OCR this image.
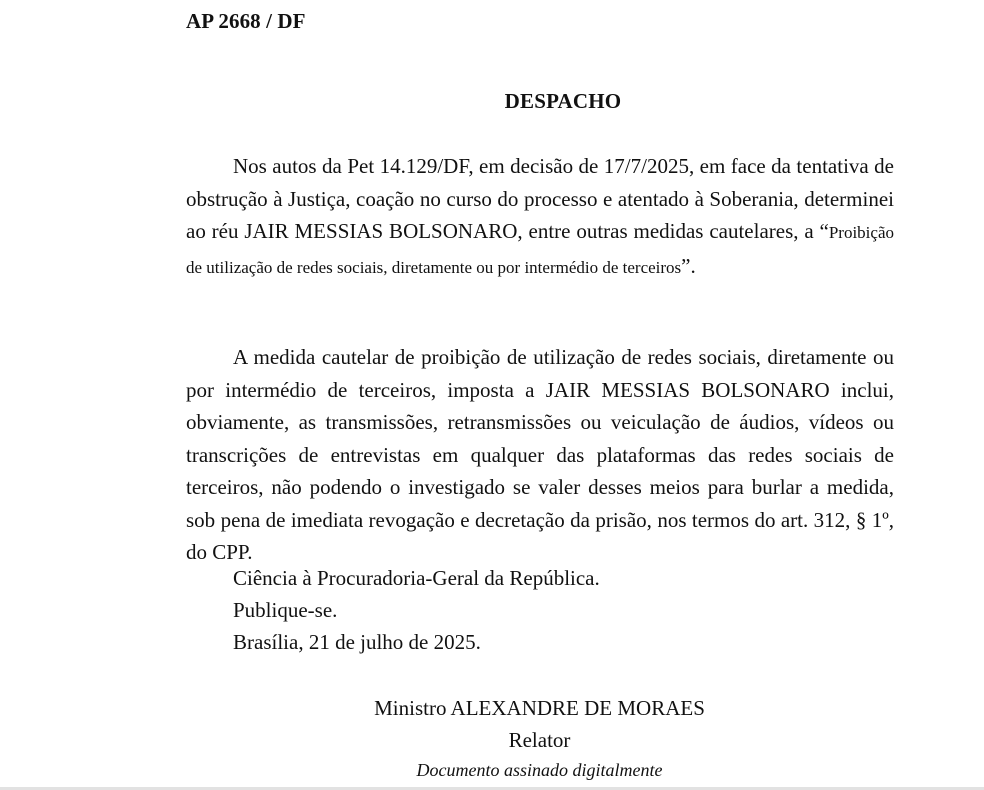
AP 2668 / DF
DESPACHO
Nos autos da Pet 14.129/DF, em decisão de 17/7/2025, em face da tentativa de obstrução à Justiça, coação no curso do processo e atentado à Soberania, determinei ao réu JAIR MESSIAS BOLSONARO, entre outras medidas cautelares, a “Proibição de utilização de redes sociais, diretamente ou por intermédio de terceiros”.
A medida cautelar de proibição de utilização de redes sociais, diretamente ou por intermédio de terceiros, imposta a JAIR MESSIAS BOLSONARO inclui, obviamente, as transmissões, retransmissões ou veiculação de áudios, vídeos ou transcrições de entrevistas em qualquer das plataformas das redes sociais de terceiros, não podendo o investigado se valer desses meios para burlar a medida, sob pena de imediata revogação e decretação da prisão, nos termos do art. 312, § 1º, do CPP.
Ciência à Procuradoria-Geral da República.
Publique-se.
Brasília, 21 de julho de 2025.
Ministro ALEXANDRE DE MORAES
Relator
Documento assinado digitalmente
